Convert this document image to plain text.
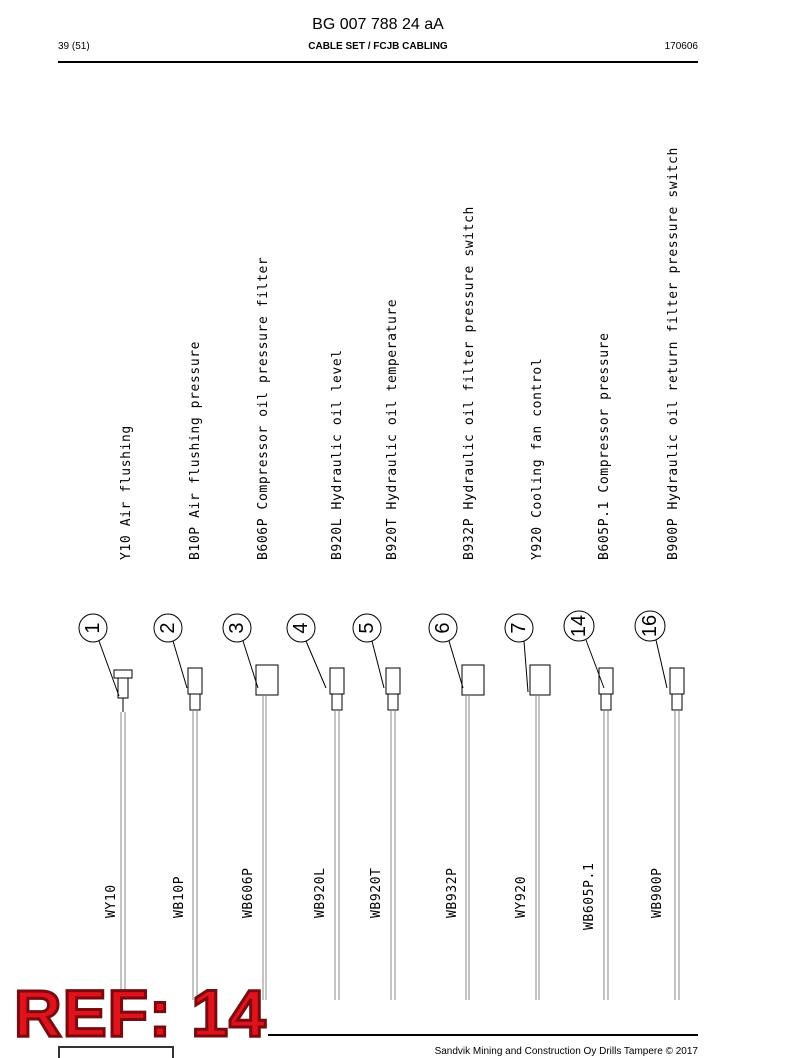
BG 007 788 24 aA
39 (51)	CABLE SET / FCJB CABLING	170606
Y10 Air flushing	B10P Air flushing pressure	B606P Compressor oil pressure filter	B920L Hydraulic oil level	B920T Hydraulic oil temperature	B932P Hydraulic oil filter pressure switch	Y920 Cooling fan control	B605P.1 Compressor pressure	B900P Hydraulic oil return filter pressure switch
1	2 3 4 5	6	7 14 16
WY10	WB10P	WB606P	WB920L	WB920T	WB932P	WY920	WB605P.1	WB900P
REF: 14
Sandvik Mining and Construction Oy Drills Tampere © 2017
